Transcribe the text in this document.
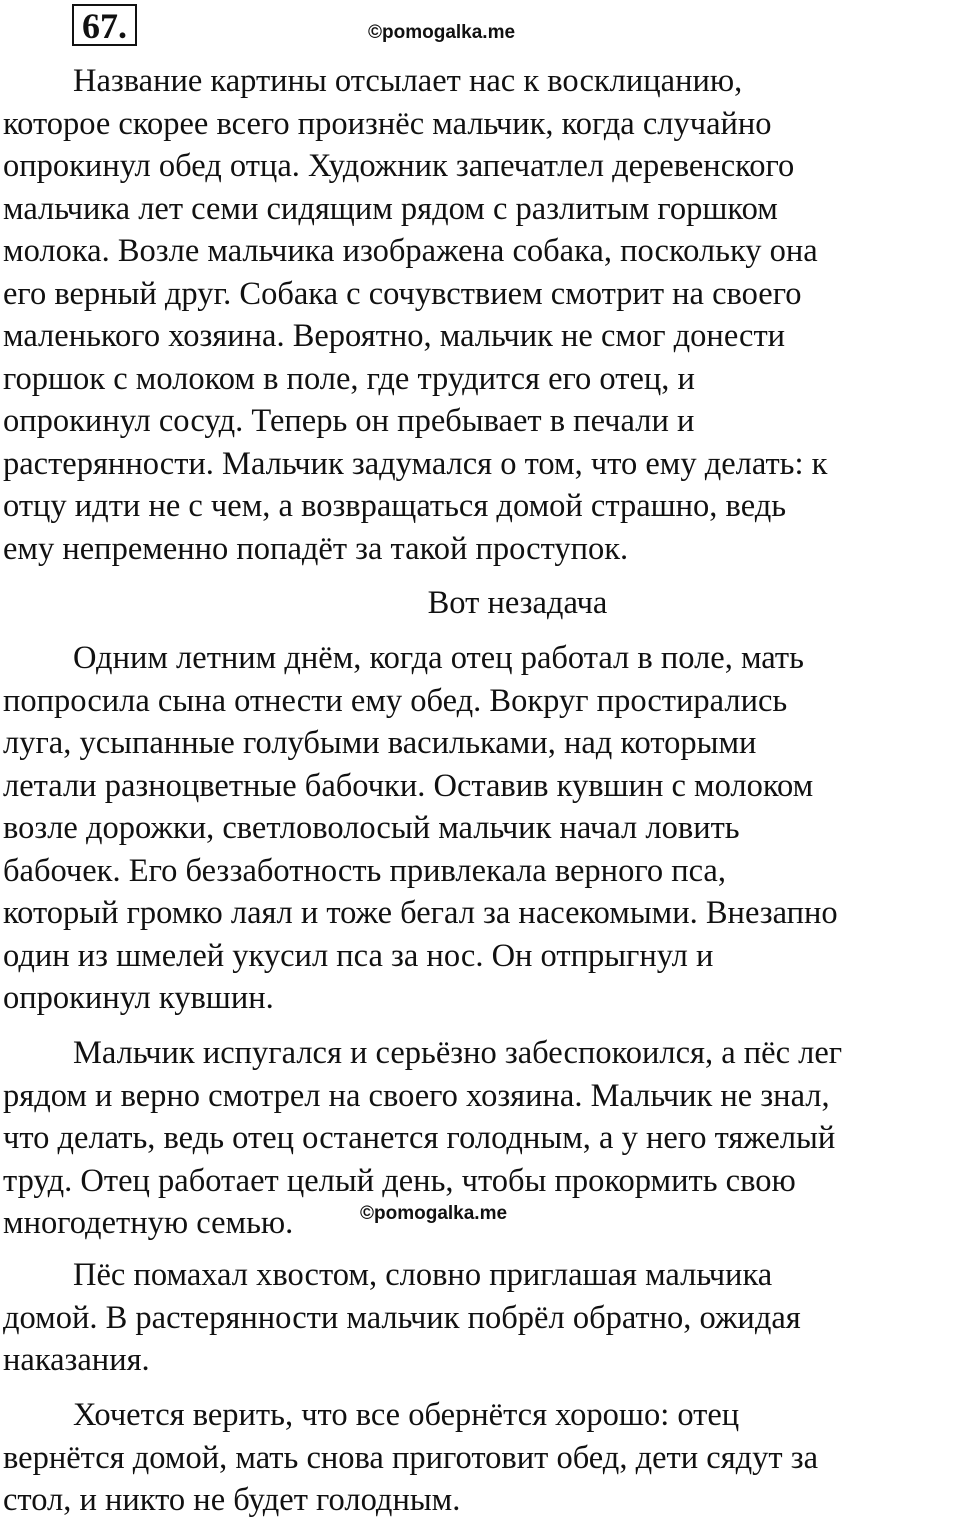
67.	©pomogalka.me
Название картины отсылает нас к восклицанию,
которое скорее всего произнёс мальчик, когда случайно
опрокинул обед отца. Художник запечатлел деревенского
мальчика лет семи сидящим рядом с разлитым горшком
молока. Возле мальчика изображена собака, поскольку она
его верный друг. Собака с сочувствием смотрит на своего
маленького хозяина. Вероятно, мальчик не смог донести
горшок с молоком в поле, где трудится его отец, и
опрокинул сосуд. Теперь он пребывает в печали и
растерянности. Мальчик задумался о том, что ему делать: к
отцу идти не с чем, а возвращаться домой страшно, ведь
ему непременно попадёт за такой проступок.
Вот незадача
Одним летним днём, когда отец работал в поле, мать
попросила сына отнести ему обед. Вокруг простирались
луга, усыпанные голубыми васильками, над которыми
летали разноцветные бабочки. Оставив кувшин с молоком
возле дорожки, светловолосый мальчик начал ловить
бабочек. Его беззаботность привлекала верного пса,
который громко лаял и тоже бегал за насекомыми. Внезапно
один из шмелей укусил пса за нос. Он отпрыгнул и
опрокинул кувшин.
Мальчик испугался и серьёзно забеспокоился, а пёс лег
рядом и верно смотрел на своего хозяина. Мальчик не знал,
что делать, ведь отец останется голодным, а у него тяжелый
труд. Отец работает целый день, чтобы прокормить свою
многодетную семью.	©pomogalka.me
Пёс помахал хвостом, словно приглашая мальчика
домой. В растерянности мальчик побрёл обратно, ожидая
наказания.
Хочется верить, что все обернётся хорошо: отец
вернётся домой, мать снова приготовит обед, дети сядут за
стол, и никто не будет голодным.
